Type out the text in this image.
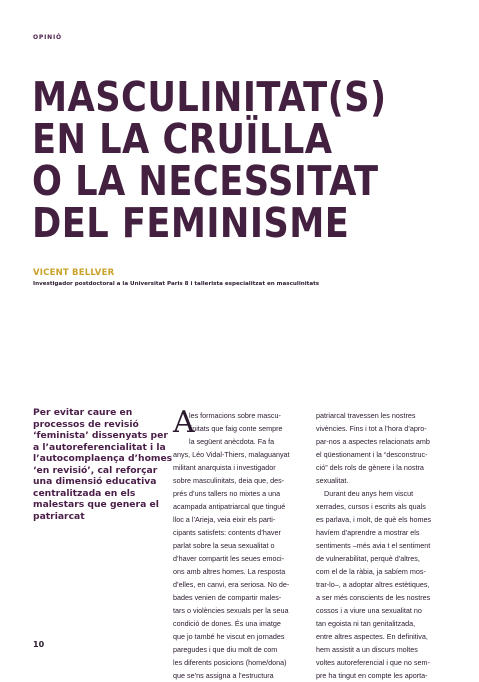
OPINIÓ
MASCULINITAT(S)
EN LA CRUÏLLA
O LA NECESSITAT
DEL FEMINISME
VICENT BELLVER
Investigador postdoctoral a la Universitat Paris 8 i tallerista especialitzat en masculinitats
Per evitar caure en
processos de revisió
‘feminista’ dissenyats per
a l’autoreferencialitat i la
l’autocomplaença d’homes
‘en revisió’, cal reforçar
una dimensió educativa
centralitzada en els
malestars que genera el
patriarcat
A
les formacions sobre mascu-
linitats que faig conte sempre
la següent anècdota. Fa fa
anys, Léo Vidal-Thiers, malaguanyat
militant anarquista i investigador
sobre masculinitats, deia que, des-
prés d’uns tallers no mixtes a una
acampada antipatriarcal que tingué
lloc a l’Arieja, veia eixir els parti-
cipants satisfets: contents d’haver
parlat sobre la seua sexualitat o
d’haver compartit les seues emoci-
ons amb altres homes. La resposta
d’elles, en canvi, era seriosa. No de-
bades venien de compartir males-
tars o violències sexuals per la seua
condició de dones. És una imatge
que jo també he viscut en jornades
paregudes i que diu molt de com
les diferents posicions (home/dona)
que se’ns assigna a l’estructura
patriarcal travessen les nostres
vivències. Fins i tot a l’hora d’apro-
par-nos a aspectes relacionats amb
el qüestionament i la “desconstruc-
ció” dels rols de gènere i la nostra
sexualitat.
Durant deu anys hem viscut
xerrades, cursos i escrits als quals
es parlava, i molt, de què els homes
havíem d’aprendre a mostrar els
sentiments –més avia t el sentiment
de vulnerabilitat, perquè d’altres,
com el de la ràbia, ja sabíem mos-
trar-lo–, a adoptar altres estètiques,
a ser més conscients de les nostres
cossos i a viure una sexualitat no
tan egoista ni tan genitalitzada,
entre altres aspectes. En definitiva,
hem assistit a un discurs moltes
voltes autoreferencial i que no sem-
pre ha tingut en compte les aporta-
10
